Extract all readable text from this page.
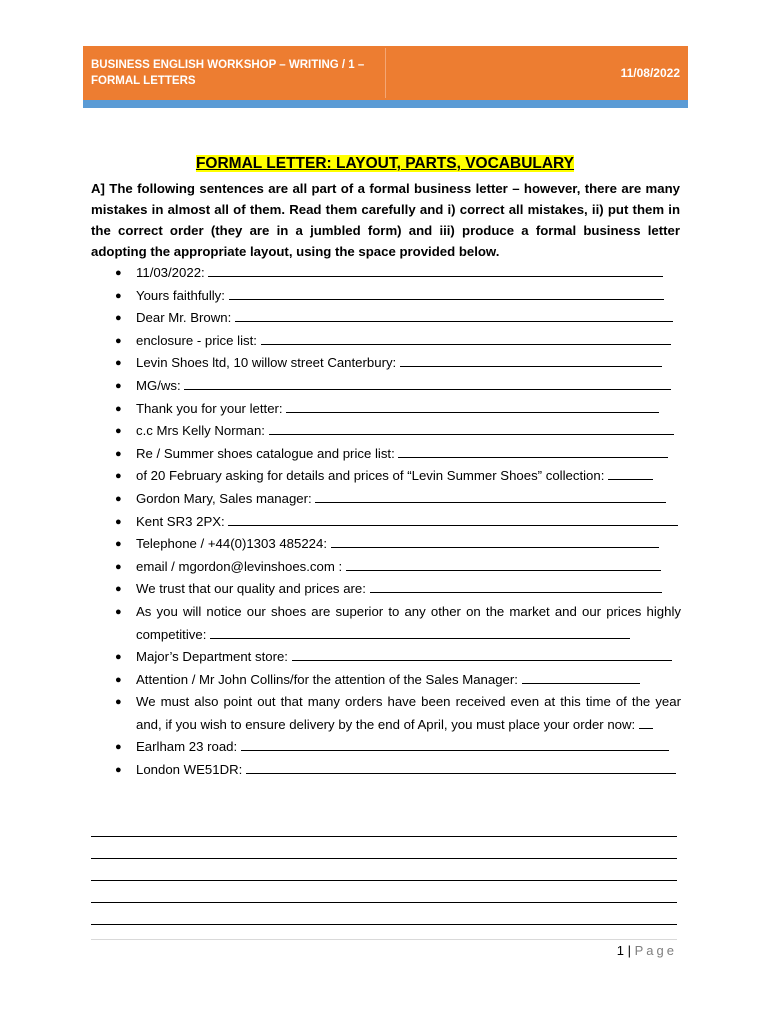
BUSINESS ENGLISH WORKSHOP – WRITING / 1 – FORMAL LETTERS
11/08/2022
FORMAL LETTER: LAYOUT, PARTS, VOCABULARY

A] The following sentences are all part of a formal business letter – however, there are many mistakes in almost all of them. Read them carefully and i) correct all mistakes, ii) put them in the correct order (they are in a jumbled form) and iii) produce a formal business letter adopting the appropriate layout, using the space provided below.

● 11/03/2022:
● Yours faithfully:
● Dear Mr. Brown:
● enclosure - price list:
● Levin Shoes ltd, 10 willow street Canterbury:
● MG/ws:
● Thank you for your letter:
● c.c Mrs Kelly Norman:
● Re / Summer shoes catalogue and price list:
● of 20 February asking for details and prices of “Levin Summer Shoes” collection:
● Gordon Mary, Sales manager:
● Kent SR3 2PX:
● Telephone / +44(0)1303 485224:
● email / mgordon@levinshoes.com :
● We trust that our quality and prices are:
● As you will notice our shoes are superior to any other on the market and our prices highly competitive:
● Major’s Department store:
● Attention / Mr John Collins/for the attention of the Sales Manager:
● We must also point out that many orders have been received even at this time of the year and, if you wish to ensure delivery by the end of April, you must place your order now:
● Earlham 23 road:
● London WE51DR:
1 | Page
